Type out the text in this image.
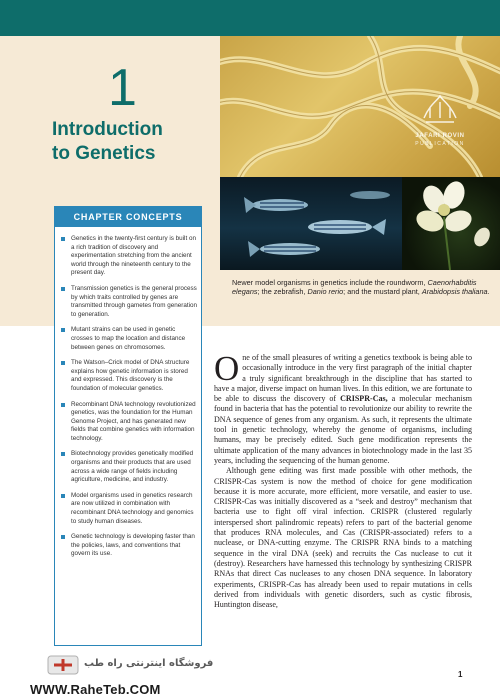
1
Introduction
to Genetics
JAFARI ROVIN
PUBLICATION
Newer model organisms in genetics include the roundworm, Caenorhabditis elegans; the zebrafish, Danio rerio; and the mustard plant, Arabidopsis thaliana.
CHAPTER CONCEPTS
Genetics in the twenty-first century is built on a rich tradition of discovery and experimentation stretching from the ancient world through the nineteenth century to the present day.
Transmission genetics is the general process by which traits controlled by genes are transmitted through gametes from generation to generation.
Mutant strains can be used in genetic crosses to map the location and distance between genes on chromosomes.
The Watson–Crick model of DNA structure explains how genetic information is stored and expressed. This discovery is the foundation of molecular genetics.
Recombinant DNA technology revolutionized genetics, was the foundation for the Human Genome Project, and has generated new fields that combine genetics with information technology.
Biotechnology provides genetically modified organisms and their products that are used across a wide range of fields including agriculture, medicine, and industry.
Model organisms used in genetics research are now utilized in combination with recombinant DNA technology and genomics to study human diseases.
Genetic technology is developing faster than the policies, laws, and conventions that govern its use.

One of the small pleasures of writing a genetics textbook is being able to occasionally introduce in the very first paragraph of the initial chapter a truly significant breakthrough in the discipline that has started to have a major, diverse impact on human lives. In this edition, we are fortunate to be able to discuss the discovery of CRISPR-Cas, a molecular mechanism found in bacteria that has the potential to revolutionize our ability to rewrite the DNA sequence of genes from any organism. As such, it represents the ultimate tool in genetic technology, whereby the genome of organisms, including humans, may be precisely edited. Such gene modification represents the ultimate application of the many advances in biotechnology made in the last 35 years, including the sequencing of the human genome.

Although gene editing was first made possible with other methods, the CRISPR-Cas system is now the method of choice for gene modification because it is more accurate, more efficient, more versatile, and easier to use. CRISPR-Cas was initially discovered as a “seek and destroy” mechanism that bacteria use to fight off viral infection. CRISPR (clustered regularly interspersed short palindromic repeats) refers to part of the bacterial genome that produces RNA molecules, and Cas (CRISPR-associated) refers to a nuclease, or DNA-cutting enzyme. The CRISPR RNA binds to a matching sequence in the viral DNA (seek) and recruits the Cas nuclease to cut it (destroy). Researchers have harnessed this technology by synthesizing CRISPR RNAs that direct Cas nucleases to any chosen DNA sequence. In laboratory experiments, CRISPR-Cas has already been used to repair mutations in cells derived from individuals with genetic disorders, such as cystic fibrosis, Huntington disease,

1
فروشگاه اینترنتی راه طب
WWW.RaheTeb.COM
